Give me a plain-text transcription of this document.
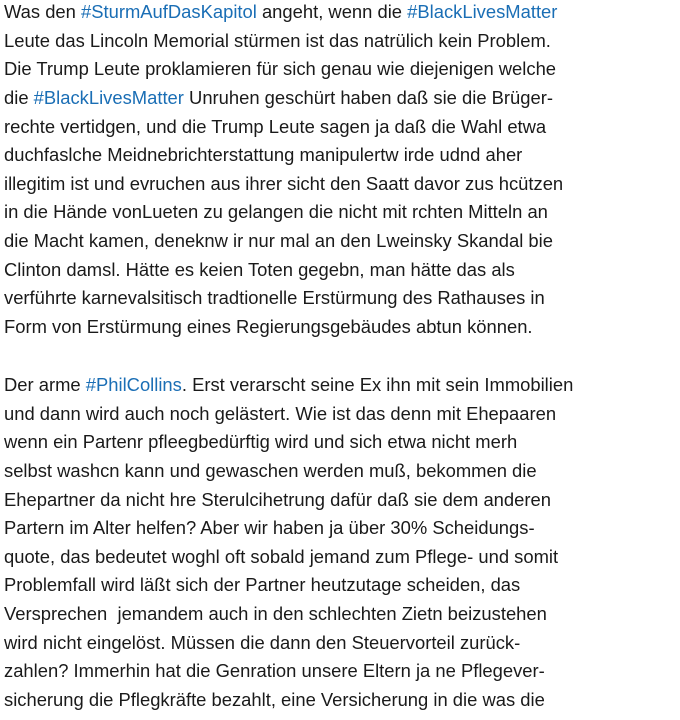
Was den #SturmAufDasKapitol angeht, wenn die #BlackLivesMatter
Leute das Lincoln Memorial stürmen ist das natrülich kein Problem.
Die Trump Leute proklamieren für sich genau wie diejenigen welche
die #BlackLivesMatter Unruhen geschürt haben daß sie die Brüger-
rechte vertidgen, und die Trump Leute sagen ja daß die Wahl etwa
duchfaslche Meidnebrichterstattung manipulertw irde udnd aher
illegitim ist und evruchen aus ihrer sicht den Saatt davor zus hcützen
in die Hände vonLueten zu gelangen die nicht mit rchten Mitteln an
die Macht kamen, deneknw ir nur mal an den Lweinsky Skandal bie
Clinton damsl. Hätte es keien Toten gegebn, man hätte das als
verführte karnevalsitisch tradtionelle Erstürmung des Rathauses in
Form von Erstürmung eines Regierungsgebäudes abtun können.
Der arme #PhilCollins. Erst verarscht seine Ex ihn mit sein Immobilien
und dann wird auch noch gelästert. Wie ist das denn mit Ehepaaren
wenn ein Partenr pfleegbedürftig wird und sich etwa nicht merh
selbst washcn kann und gewaschen werden muß, bekommen die
Ehepartner da nicht hre Sterulcihetrung dafür daß sie dem anderen
Partern im Alter helfen? Aber wir haben ja über 30% Scheidungs-
quote, das bedeutet woghl oft sobald jemand zum Pflege- und somit
Problemfall wird läßt sich der Partner heutzutage scheiden, das
Versprechen  jemandem auch in den schlechten Zietn beizustehen
wird nicht eingelöst. Müssen die dann den Steuervorteil zurück-
zahlen? Immerhin hat die Genration unsere Eltern ja ne Pflegever-
sicherung die Pflegkräfte bezahlt, eine Versicherung in die was die
